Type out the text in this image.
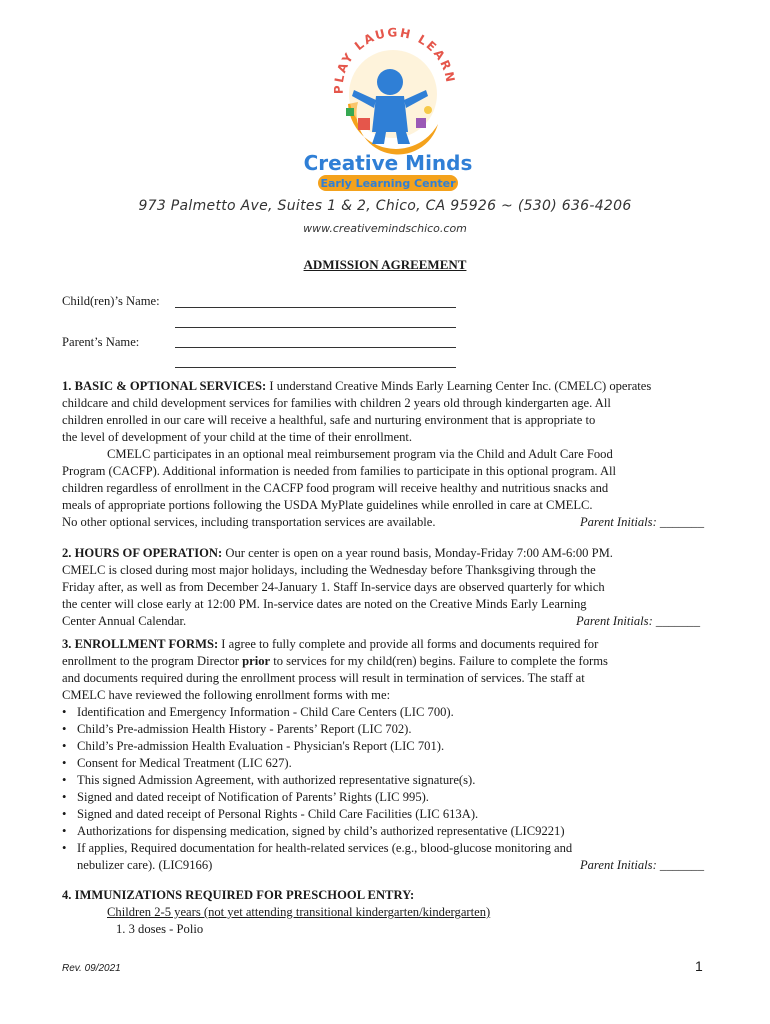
PLAY LAUGH LEARN
Creative Minds
Early Learning Center
973 Palmetto Ave, Suites 1 & 2, Chico, CA 95926 ~ (530) 636-4206
www.creativemindschico.com
ADMISSION AGREEMENT
Child(ren)’s Name:
Parent’s Name:
1. BASIC & OPTIONAL SERVICES: I understand Creative Minds Early Learning Center Inc. (CMELC) operates
childcare and child development services for families with children 2 years old through kindergarten age. All
children enrolled in our care will receive a healthful, safe and nurturing environment that is appropriate to
the level of development of your child at the time of their enrollment.
CMELC participates in an optional meal reimbursement program via the Child and Adult Care Food
Program (CACFP). Additional information is needed from families to participate in this optional program. All
children regardless of enrollment in the CACFP food program will receive healthy and nutritious snacks and
meals of appropriate portions following the USDA MyPlate guidelines while enrolled in care at CMELC.
No other optional services, including transportation services are available.	Parent Initials: _______
2. HOURS OF OPERATION: Our center is open on a year round basis, Monday-Friday 7:00 AM-6:00 PM.
CMELC is closed during most major holidays, including the Wednesday before Thanksgiving through the
Friday after, as well as from December 24-January 1. Staff In-service days are observed quarterly for which
the center will close early at 12:00 PM. In-service dates are noted on the Creative Minds Early Learning
Center Annual Calendar.	Parent Initials: _______
3. ENROLLMENT FORMS: I agree to fully complete and provide all forms and documents required for
enrollment to the program Director prior to services for my child(ren) begins. Failure to complete the forms
and documents required during the enrollment process will result in termination of services. The staff at
CMELC have reviewed the following enrollment forms with me:
• Identification and Emergency Information - Child Care Centers (LIC 700).
• Child’s Pre-admission Health History - Parents’ Report (LIC 702).
• Child’s Pre-admission Health Evaluation - Physician's Report (LIC 701).
• Consent for Medical Treatment (LIC 627).
• This signed Admission Agreement, with authorized representative signature(s).
• Signed and dated receipt of Notification of Parents’ Rights (LIC 995).
• Signed and dated receipt of Personal Rights - Child Care Facilities (LIC 613A).
• Authorizations for dispensing medication, signed by child’s authorized representative (LIC9221)
• If applies, Required documentation for health-related services (e.g., blood-glucose monitoring and
nebulizer care). (LIC9166)	Parent Initials: _______
4. IMMUNIZATIONS REQUIRED FOR PRESCHOOL ENTRY:
Children 2-5 years (not yet attending transitional kindergarten/kindergarten)
1. 3 doses - Polio
Rev. 09/2021	1
